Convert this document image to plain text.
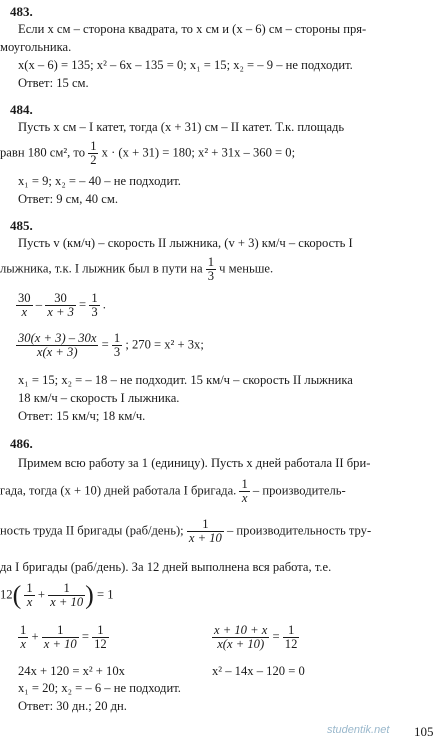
483.
Если x см – сторона квадрата, то x см и (x – 6) см – стороны пря-
моугольника.
x(x – 6) = 135; x² – 6x – 135 = 0; x₁ = 15; x₂ = – 9 – не подходит.
Ответ: 15 см.
484.
Пусть x см – I катет, тогда (x + 31) см – II катет. Т.к. площадь
равн 180 см², то $\frac{1}{2}$ x · (x + 31) = 180; x² + 31x – 360 = 0;
x₁ = 9; x₂ = – 40 – не подходит.
Ответ: 9 см, 40 см.
485.
Пусть v (км/ч) – скорость II лыжника, (v + 3) км/ч – скорость I
лыжника, т.к. I лыжник был в пути на $\frac{1}{3}$ ч меньше.
$\frac{30}{x} - \frac{30}{x + 3} = \frac{1}{3}$ .
$\frac{30(x + 3) - 30x}{x(x + 3)} = \frac{1}{3}$ ; 270 = x² + 3x;
x₁ = 15; x₂ = – 18 – не подходит. 15 км/ч – скорость II лыжника
18 км/ч – скорость I лыжника.
Ответ: 15 км/ч; 18 км/ч.
486.
Примем всю работу за 1 (единицу). Пусть x дней работала II бри-
гада, тогда (x + 10) дней работала I бригада. $\frac{1}{x}$ – производитель-
ность труда II бригады (раб/день); $\frac{1}{x + 10}$ – производительность тру-
да I бригады (раб/день). За 12 дней выполнена вся работа, т.е.
$12( \frac{1}{x} + \frac{1}{x + 10}$ ) = 1
$\frac{1}{x} + \frac{1}{x + 10} = \frac{1}{12}$	$\frac{x + 10 + x}{x(x + 10)} = \frac{1}{12}$
24x + 120 = x² + 10x	x² – 14x – 120 = 0
x₁ = 20; x₂ = – 6 – не подходит.
Ответ: 30 дн.; 20 дн.
studentik.net 105
